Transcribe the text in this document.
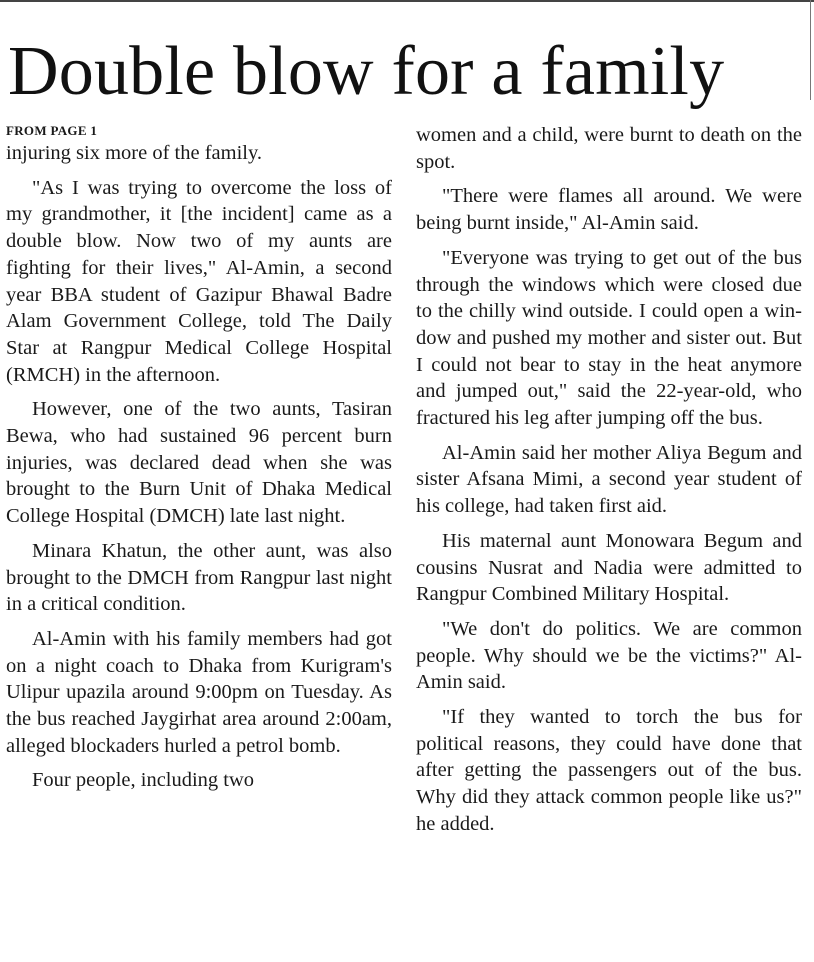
Double blow for a family
FROM PAGE 1

injuring six more of the family.

"As I was trying to overcome the loss of my grandmother, it [the incident] came as a double blow. Now two of my aunts are fighting for their lives," Al-Amin, a second year BBA student of Gazipur Bhawal Badre Alam Government College, told The Daily Star at Rangpur Medical College Hospital (RMCH) in the afternoon.

However, one of the two aunts, Tasiran Bewa, who had sustained 96 percent burn injuries, was declared dead when she was brought to the Burn Unit of Dhaka Medical College Hospital (DMCH) late last night.

Minara Khatun, the other aunt, was also brought to the DMCH from Rangpur last night in a critical condition.

Al-Amin with his family members had got on a night coach to Dhaka from Kurigram's Ulipur upazila around 9:00pm on Tuesday. As the bus reached Jaygirhat area around 2:00am, alleged blockaders hurled a petrol bomb.

Four people, including two

women and a child, were burnt to death on the spot.

"There were flames all around. We were being burnt inside," Al-Amin said.

"Everyone was trying to get out of the bus through the windows which were closed due to the chilly wind outside. I could open a window and pushed my mother and sister out. But I could not bear to stay in the heat anymore and jumped out," said the 22-year-old, who fractured his leg after jumping off the bus.

Al-Amin said her mother Aliya Begum and sister Afsana Mimi, a second year student of his college, had taken first aid.

His maternal aunt Monowara Begum and cousins Nusrat and Nadia were admitted to Rangpur Combined Military Hospital.

"We don't do politics. We are common people. Why should we be the victims?" Al-Amin said.

"If they wanted to torch the bus for political reasons, they could have done that after getting the passengers out of the bus. Why did they attack common people like us?" he added.
